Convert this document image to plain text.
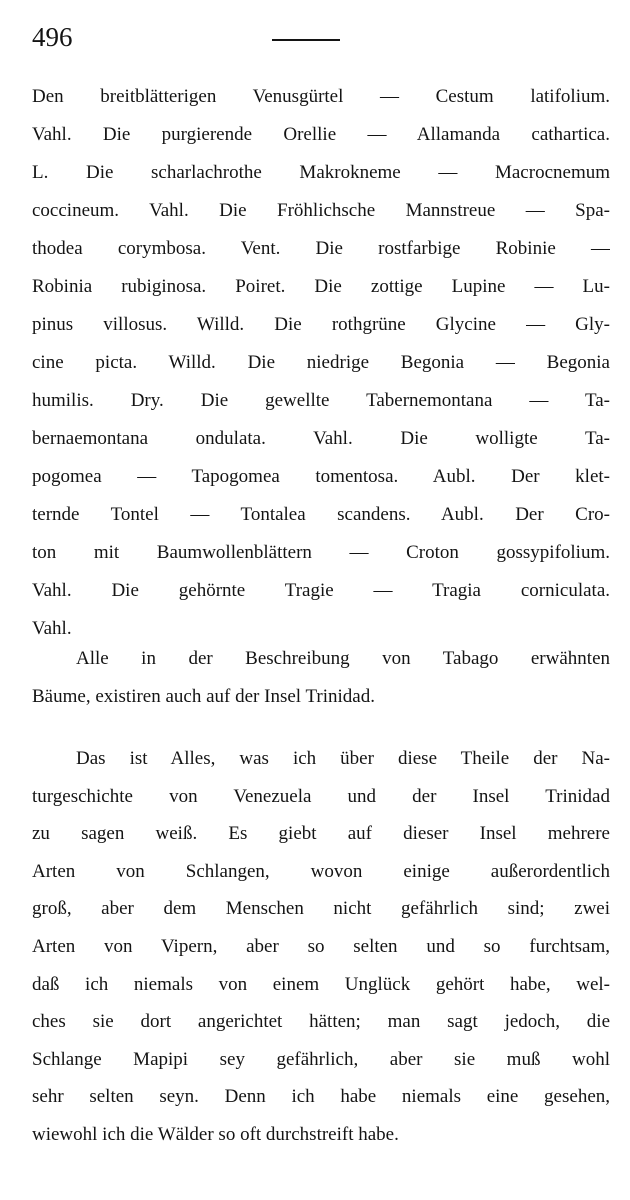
496
Den breitblätterigen Venusgürtel — Cestum latifolium.
Vahl. Die purgierende Orellie — Allamanda cathartica.
L. Die scharlachrothe Makrokneme — Macrocnemum
coccineum. Vahl. Die Fröhlichsche Mannstreue — Spa-
thodea corymbosa. Vent. Die rostfarbige Robinie —
Robinia rubiginosa. Poiret. Die zottige Lupine — Lu-
pinus villosus. Willd. Die rothgrüne Glycine — Gly-
cine picta. Willd. Die niedrige Begonia — Begonia
humilis. Dry. Die gewellte Tabernemontana — Ta-
bernaemontana ondulata. Vahl. Die wolligte Ta-
pogomea — Tapogomea tomentosa. Aubl. Der klet-
ternde Tontel — Tontalea scandens. Aubl. Der Cro-
ton mit Baumwollenblättern — Croton gossypifolium.
Vahl. Die gehörnte Tragie — Tragia corniculata.
Vahl.
Alle in der Beschreibung von Tabago erwähnten
Bäume, existiren auch auf der Insel Trinidad.
Das ist Alles, was ich über diese Theile der Na-
turgeschichte von Venezuela und der Insel Trinidad
zu sagen weiß. Es giebt auf dieser Insel mehrere
Arten von Schlangen, wovon einige außerordentlich
groß, aber dem Menschen nicht gefährlich sind; zwei
Arten von Vipern, aber so selten und so furchtsam,
daß ich niemals von einem Unglück gehört habe, wel-
ches sie dort angerichtet hätten; man sagt jedoch, die
Schlange Mapipi sey gefährlich, aber sie muß wohl
sehr selten seyn. Denn ich habe niemals eine gesehen,
wiewohl ich die Wälder so oft durchstreift habe.
